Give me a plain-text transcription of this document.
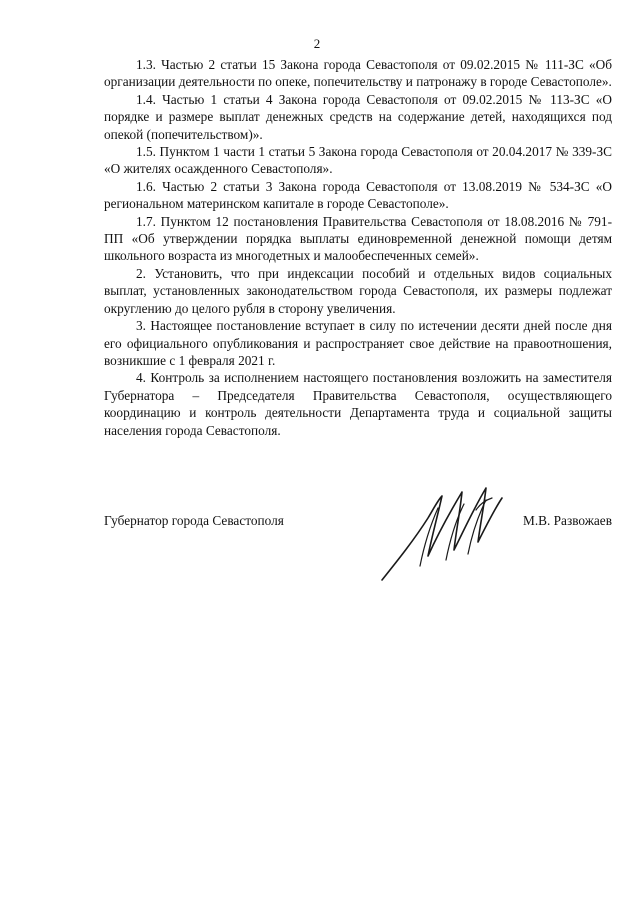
2

1.3. Частью 2 статьи 15 Закона города Севастополя от 09.02.2015 № 111-ЗС «Об организации деятельности по опеке, попечительству и патронажу в городе Севастополе».

1.4. Частью 1 статьи 4 Закона города Севастополя от 09.02.2015 № 113-ЗС «О порядке и размере выплат денежных средств на содержание детей, находящихся под опекой (попечительством)».

1.5. Пунктом 1 части 1 статьи 5 Закона города Севастополя от 20.04.2017 № 339-ЗС «О жителях осажденного Севастополя».

1.6. Частью 2 статьи 3 Закона города Севастополя от 13.08.2019 № 534-ЗС «О региональном материнском капитале в городе Севастополе».

1.7. Пунктом 12 постановления Правительства Севастополя от 18.08.2016 № 791-ПП «Об утверждении порядка выплаты единовременной денежной помощи детям школьного возраста из многодетных и малообеспеченных семей».

2. Установить, что при индексации пособий и отдельных видов социальных выплат, установленных законодательством города Севастополя, их размеры подлежат округлению до целого рубля в сторону увеличения.

3. Настоящее постановление вступает в силу по истечении десяти дней после дня его официального опубликования и распространяет свое действие на правоотношения, возникшие с 1 февраля 2021 г.

4. Контроль за исполнением настоящего постановления возложить на заместителя Губернатора – Председателя Правительства Севастополя, осуществляющего координацию и контроль деятельности Департамента труда и социальной защиты населения города Севастополя.

Губернатор города Севастополя	М.В. Развожаев
